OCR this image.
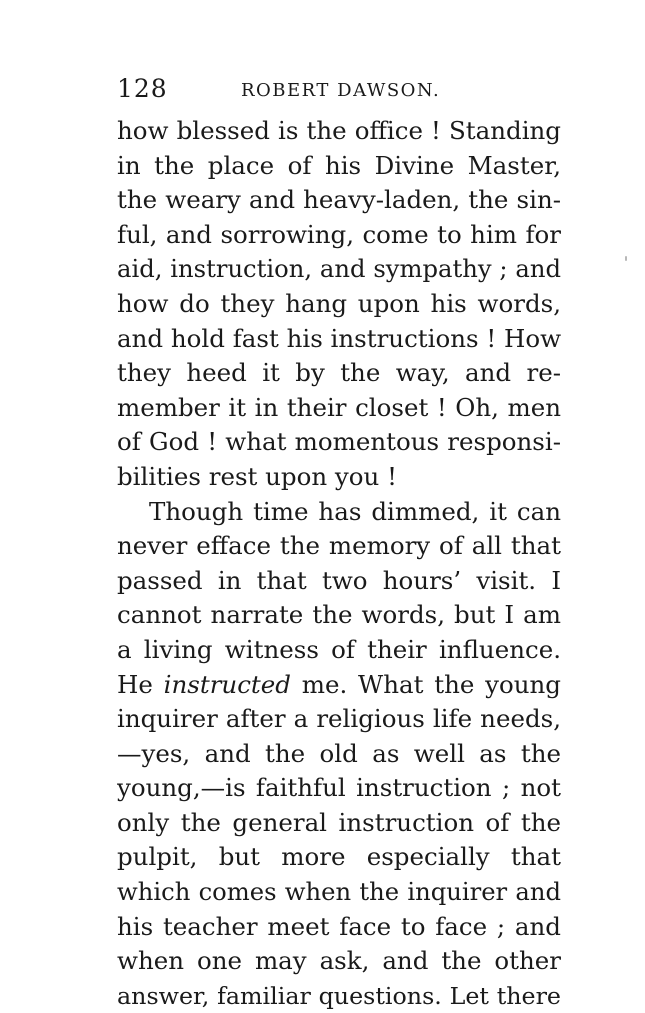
128	ROBERT DAWSON.
how blessed is the office ! Standing
in the place of his Divine Master,
the weary and heavy-laden, the sin-
ful, and sorrowing, come to him for
aid, instruction, and sympathy ; and
how do they hang upon his words,
and hold fast his instructions ! How
they heed it by the way, and re-
member it in their closet ! Oh, men
of God ! what momentous responsi-
bilities rest upon you !
Though time has dimmed, it can
never efface the memory of all that
passed in that two hours’ visit. I
cannot narrate the words, but I am
a living witness of their influence.
He instructed me. What the young
inquirer after a religious life needs,
—yes, and the old as well as the
young,—is faithful instruction ; not
only the general instruction of the
pulpit, but more especially that
which comes when the inquirer and
his teacher meet face to face ; and
when one may ask, and the other
answer, familiar questions. Let there
